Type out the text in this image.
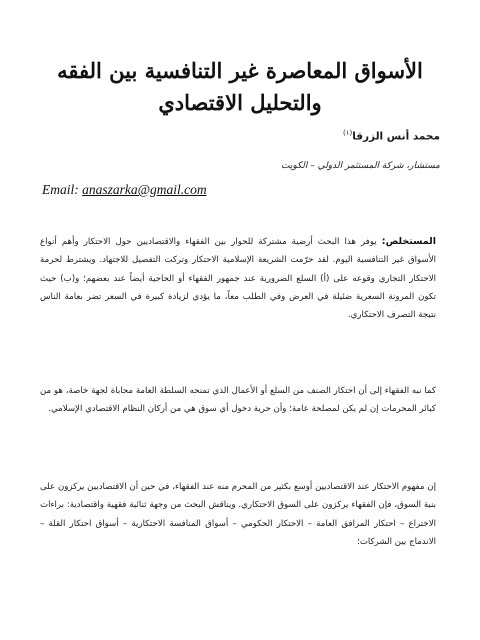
الأسواق المعاصرة غير التنافسية بين الفقه
والتحليل الاقتصادي
محمد أنس الزرقا$^{(١)}$
مستشار، شركة المستثمر الدولي – الكويت
Email: anaszarka@gmail.com
المستخلص: يوفر هذا البحث أرضية مشتركة للحوار بين الفقهاء والاقتصاديين حول الاحتكار وأهم أنواع الأسواق غير التنافسية اليوم. لقد حرّمت الشريعة الإسلامية الاحتكار وتركت التفصيل للاجتهاد. ويشترط لحرمة الاحتكار التجاري وقوعه على (أ) السلع الضرورية عند جمهور الفقهاء أو الحاجية أيضاً عند بعضهم؛ و(ب) حيث تكون المرونة السعرية ضئيلة في العرض وفي الطلب معاً، ما يؤدي لزيادة كبيرة في السعر تضر بعامة الناس نتيجة التصرف الاحتكاري.
كما نبه الفقهاء إلى أن احتكار الصنف من السلع أو الأعمال الذي تمنحه السلطة العامة محاباة لجهة خاصة، هو من كبائر المحرمات إن لم يكن لمصلحة عامة؛ وأن حرية دخول أي سوق هي من أركان النظام الاقتصادي الإسلامي.
إن مفهوم الاحتكار عند الاقتصاديين أوسع بكثير من المحرم منه عند الفقهاء، في حين أن الاقتصاديين يركزون على بنية السوق، فإن الفقهاء يركزون على السوق الاحتكاري. ويناقش البحث من وجهة ثنائية فقهية واقتصادية: براءات الاختراع – احتكار المرافق العامة – الاحتكار الحكومي – أسواق المنافسة الاحتكارية – أسواق احتكار القلة – الاندماج بين الشركات؛
